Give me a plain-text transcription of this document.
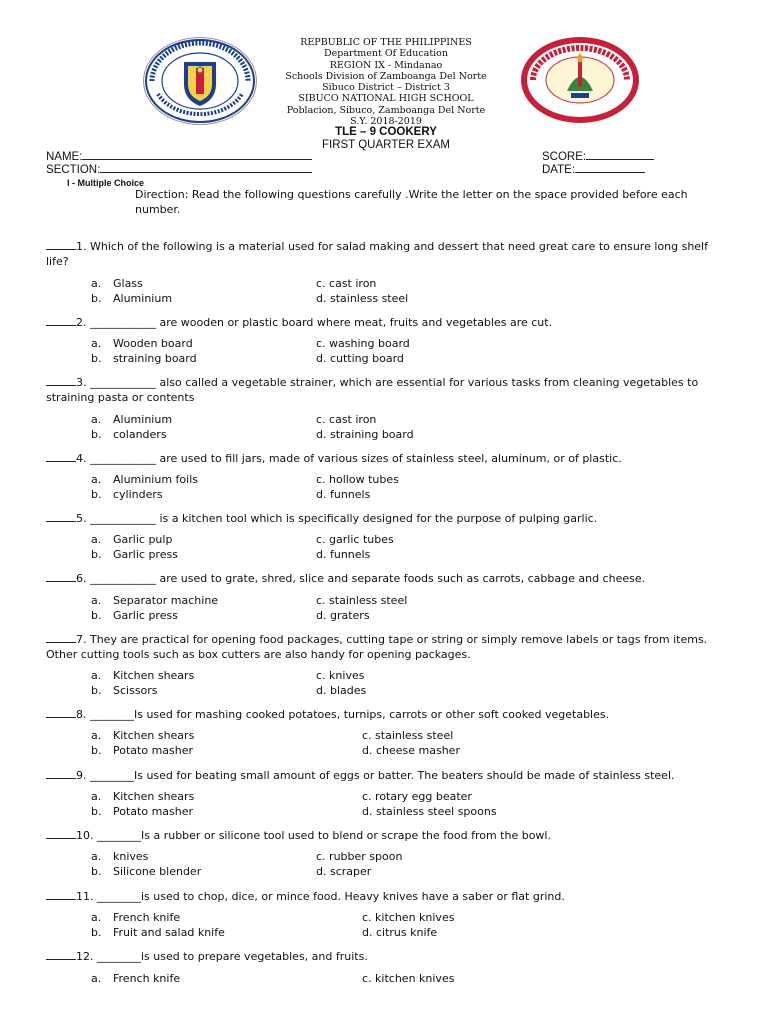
REPBUBLIC OF THE PHILIPPINES
Department Of Education
REGION IX - Mindanao
Schools Division of Zamboanga Del Norte
Sibuco District – District 3
SIBUCO NATIONAL HIGH SCHOOL
Poblacion, Sibuco, Zamboanga Del Norte
S.Y. 2018-2019
TLE – 9 COOKERY
FIRST QUARTER EXAM
NAME:
SECTION:
SCORE:
DATE:
I - Multiple Choice
Direction: Read the following questions carefully .Write the letter on the space provided before each number.
1. Which of the following is a material used for salad making and dessert that need great care to ensure long shelf life?
a. Glass
b. Aluminium
c. cast iron
d. stainless steel
2. ____________ are wooden or plastic board where meat, fruits and vegetables are cut.
a. Wooden board
b. straining board
c. washing board
d. cutting board
3. ____________ also called a vegetable strainer, which are essential for various tasks from cleaning vegetables to straining pasta or contents
a. Aluminium
b. colanders
c. cast iron
d. straining board
4. ____________ are used to fill jars, made of various sizes of stainless steel, aluminum, or of plastic.
a. Aluminium foils
b. cylinders
c. hollow tubes
d. funnels
5. ____________ is a kitchen tool which is specifically designed for the purpose of pulping garlic.
a. Garlic pulp
b. Garlic press
c. garlic tubes
d. funnels
6. ____________ are used to grate, shred, slice and separate foods such as carrots, cabbage and cheese.
a. Separator machine
b. Garlic press
c. stainless steel
d. graters
7. They are practical for opening food packages, cutting tape or string or simply remove labels or tags from items. Other cutting tools such as box cutters are also handy for opening packages.
a. Kitchen shears
b. Scissors
c. knives
d. blades
8. ________Is used for mashing cooked potatoes, turnips, carrots or other soft cooked vegetables.
a. Kitchen shears
b. Potato masher
c. stainless steel
d. cheese masher
9. ________Is used for beating small amount of eggs or batter. The beaters should be made of stainless steel.
a. Kitchen shears
b. Potato masher
c. rotary egg beater
d. stainless steel spoons
10. ________Is a rubber or silicone tool used to blend or scrape the food from the bowl.
a. knives
b. Silicone blender
c. rubber spoon
d. scraper
11. ________is used to chop, dice, or mince food. Heavy knives have a saber or flat grind.
a. French knife
b. Fruit and salad knife
c. kitchen knives
d. citrus knife
12. ________is used to prepare vegetables, and fruits.
a. French knife	c. kitchen knives
